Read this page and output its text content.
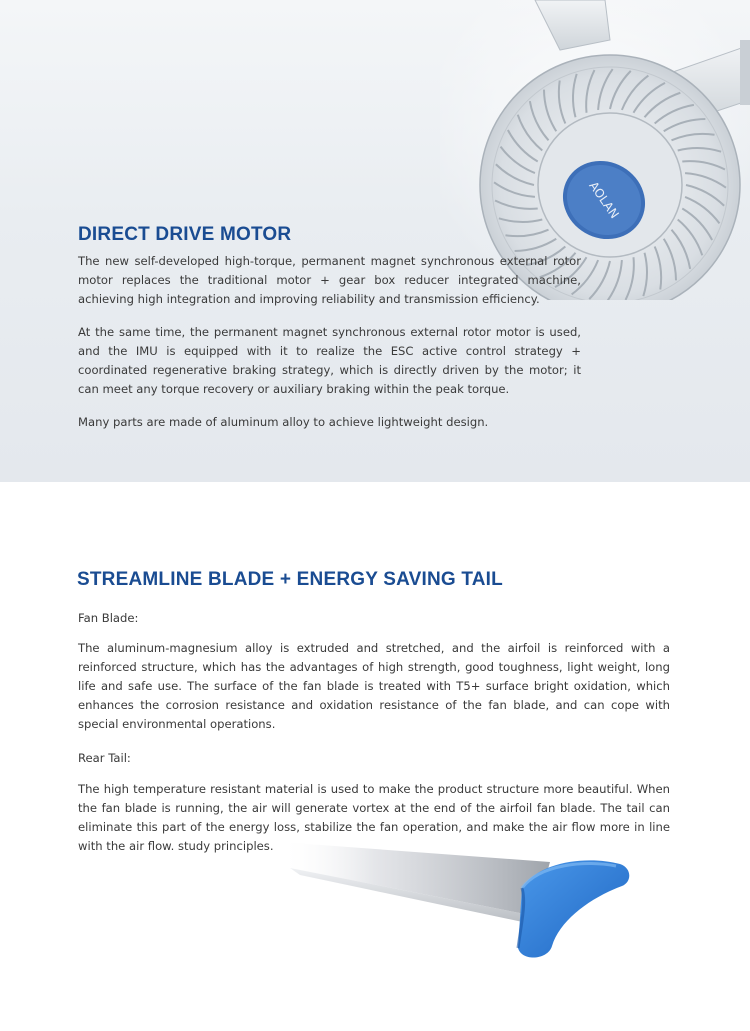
AOLAN
DIRECT DRIVE MOTOR

The new self-developed high-torque, permanent magnet synchronous external rotor motor replaces the traditional motor + gear box reducer integrated machine, achieving high integration and improving reliability and transmission efficiency.

At the same time, the permanent magnet synchronous external rotor motor is used, and the IMU is equipped with it to realize the ESC active control strategy + coordinated regenerative braking strategy, which is directly driven by the motor; it can meet any torque recovery or auxiliary braking within the peak torque.

Many parts are made of aluminum alloy to achieve lightweight design.

STREAMLINE BLADE + ENERGY SAVING TAIL

Fan Blade:

The aluminum-magnesium alloy is extruded and stretched, and the airfoil is reinforced with a reinforced structure, which has the advantages of high strength, good toughness, light weight, long life and safe use. The surface of the fan blade is treated with T5+ surface bright oxidation, which enhances the corrosion resistance and oxidation resistance of the fan blade, and can cope with special environmental operations.

Rear Tail:

The high temperature resistant material is used to make the product structure more beautiful. When the fan blade is running, the air will generate vortex at the end of the airfoil fan blade. The tail can eliminate this part of the energy loss, stabilize the fan operation, and make the air flow more in line with the air flow. study principles.
